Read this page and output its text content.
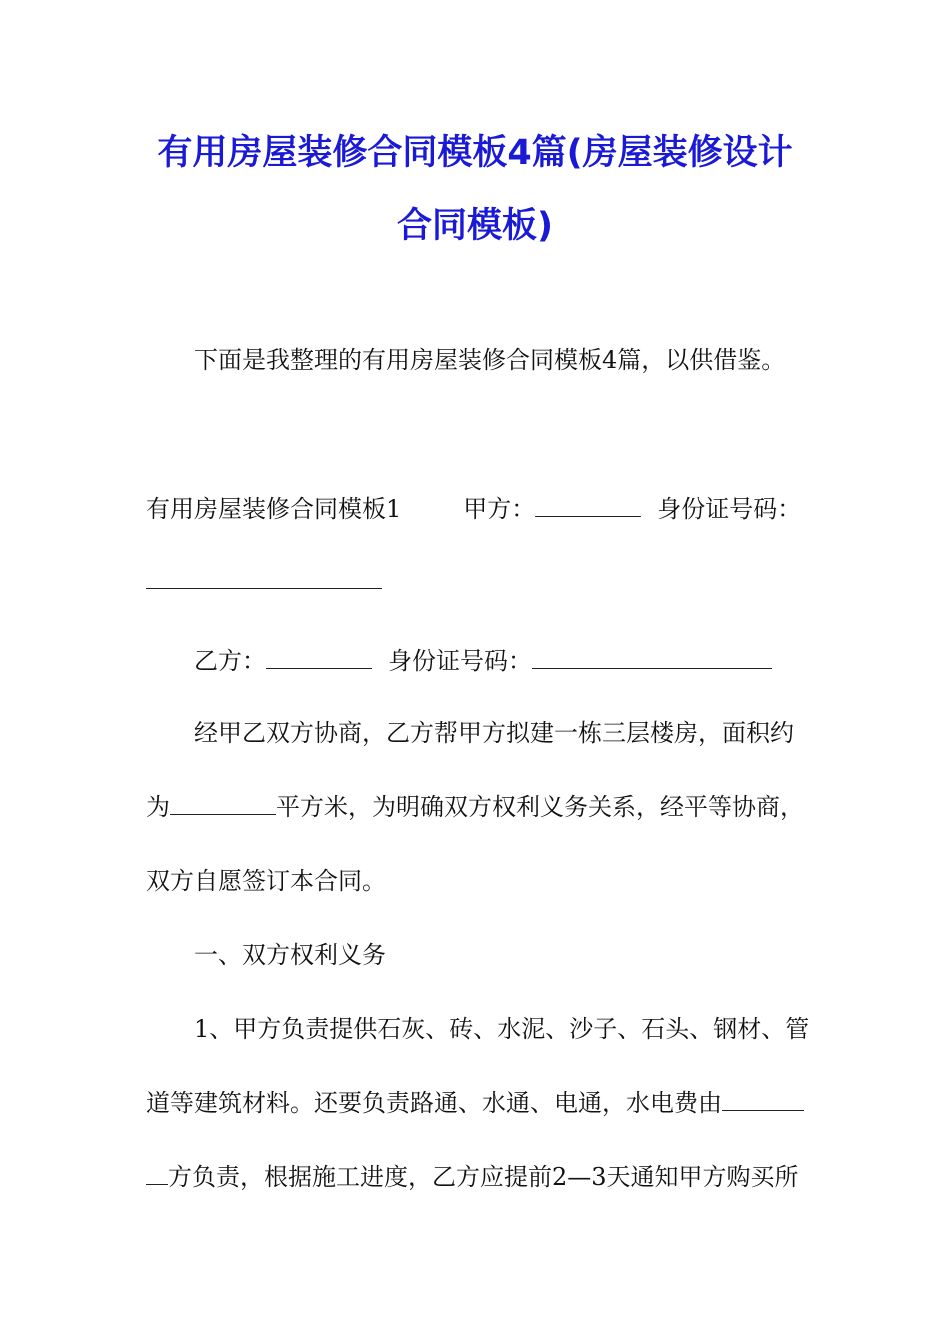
有用房屋装修合同模板4篇(房屋装修设计
合同模板)
下面是我整理的有用房屋装修合同模板4篇，以供借鉴。
有用房屋装修合同模板1	甲方：	身份证号码：
乙方：	身份证号码：
经甲乙双方协商，乙方帮甲方拟建一栋三层楼房，面积约
为	平方米，为明确双方权利义务关系，经平等协商，
双方自愿签订本合同。
一、双方权利义务
1、甲方负责提供石灰、砖、水泥、沙子、石头、钢材、管
道等建筑材料。还要负责路通、水通、电通，水电费由
方负责，根据施工进度，乙方应提前2—3天通知甲方购买所
